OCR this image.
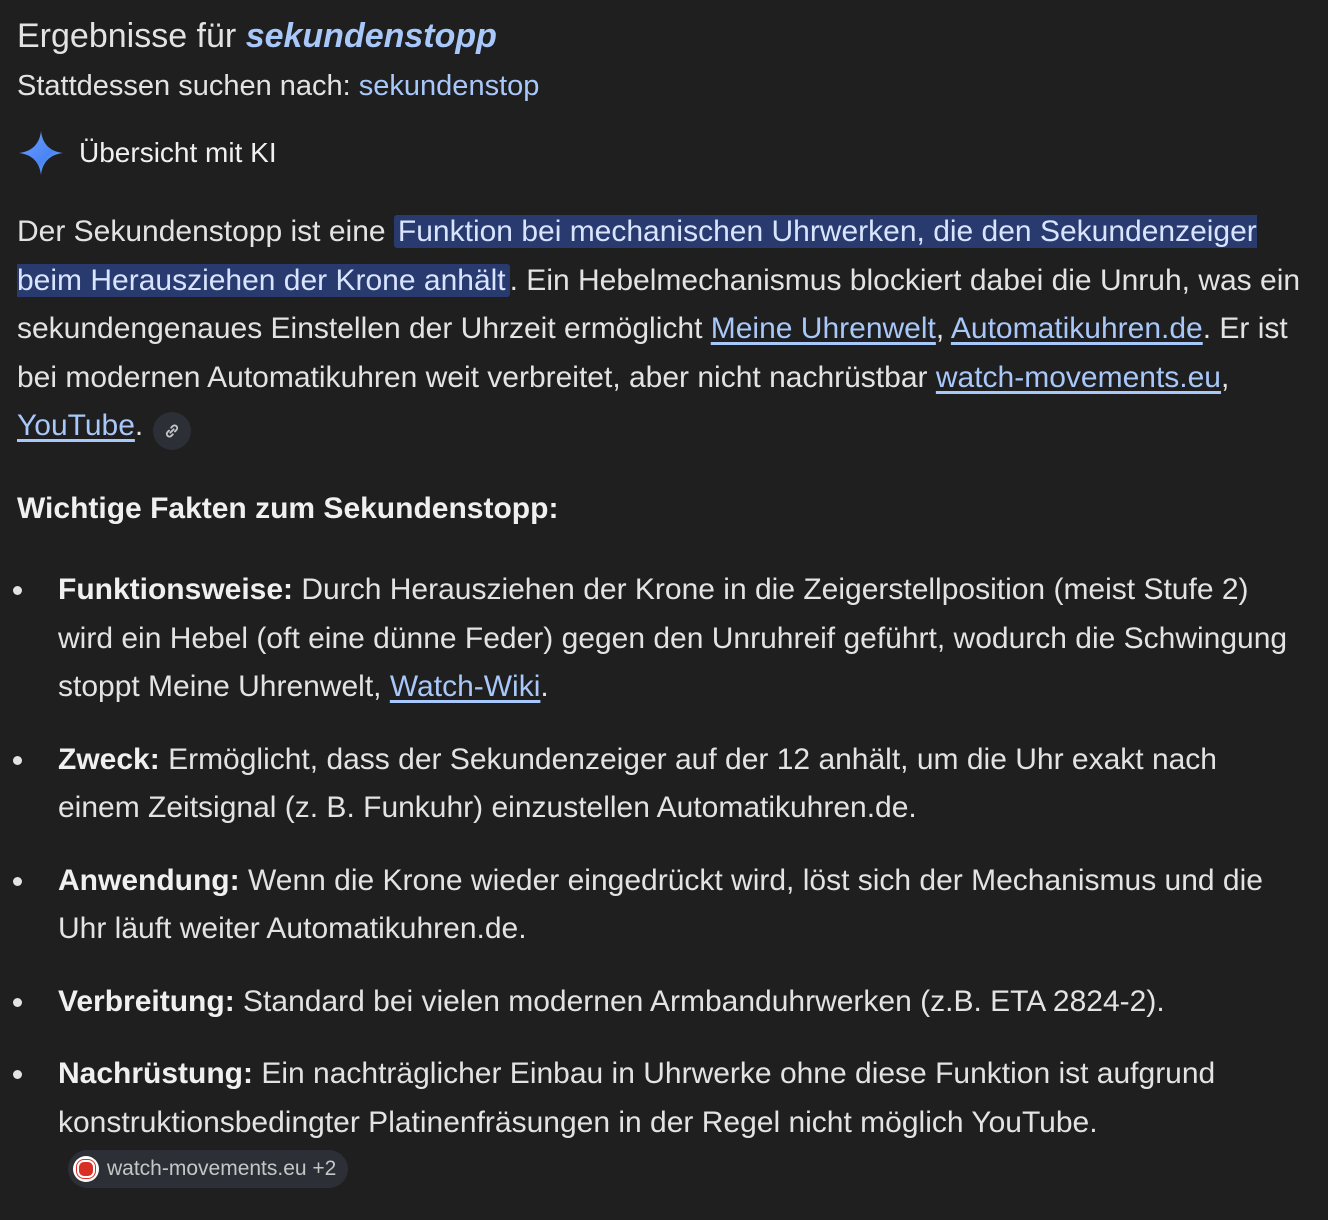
Ergebnisse für sekundenstopp
Stattdessen suchen nach: sekundenstop
Übersicht mit KI
Der Sekundenstopp ist eine Funktion bei mechanischen Uhrwerken, die den Sekundenzeiger beim Herausziehen der Krone anhält . Ein Hebelmechanismus blockiert dabei die Unruh, was ein sekundengenaues Einstellen der Uhrzeit ermöglicht Meine Uhrenwelt, Automatikuhren.de. Er ist bei modernen Automatikuhren weit verbreitet, aber nicht nachrüstbar watch-movements.eu, YouTube.
Wichtige Fakten zum Sekundenstopp:
Funktionsweise: Durch Herausziehen der Krone in die Zeigerstellposition (meist Stufe 2) wird ein Hebel (oft eine dünne Feder) gegen den Unruhreif geführt, wodurch die Schwingung stoppt Meine Uhrenwelt, Watch-Wiki.
Zweck: Ermöglicht, dass der Sekundenzeiger auf der 12 anhält, um die Uhr exakt nach einem Zeitsignal (z. B. Funkuhr) einzustellen Automatikuhren.de.
Anwendung: Wenn die Krone wieder eingedrückt wird, löst sich der Mechanismus und die Uhr läuft weiter Automatikuhren.de.
Verbreitung: Standard bei vielen modernen Armbanduhrwerken (z.B. ETA 2824-2).
Nachrüstung: Ein nachträglicher Einbau in Uhrwerke ohne diese Funktion ist aufgrund konstruktionsbedingter Platinenfräsungen in der Regel nicht möglich YouTube.
watch-movements.eu +2
